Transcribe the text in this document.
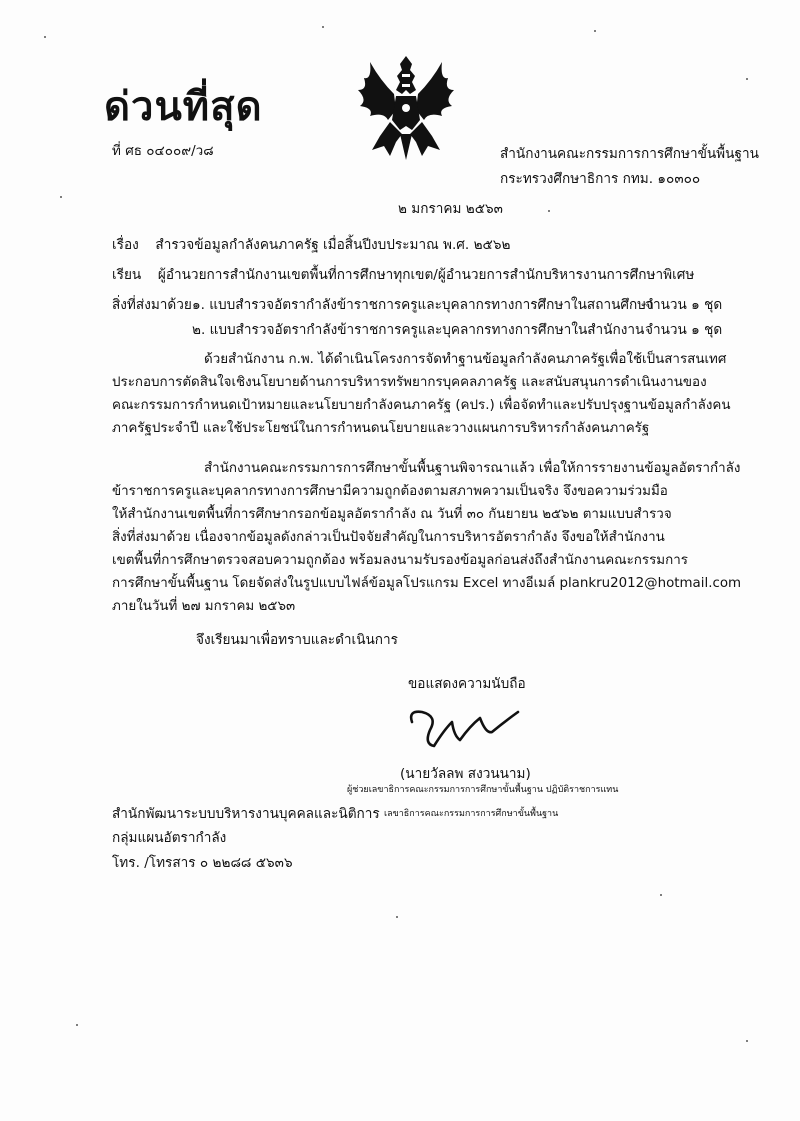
ด่วนที่สุด
ที่ ศธ ๐๔๐๐๙/ว๘	สำนักงานคณะกรรมการการศึกษาขั้นพื้นฐาน
กระทรวงศึกษาธิการ กทม. ๑๐๓๐๐
๒ มกราคม ๒๕๖๓
เรื่อง สำรวจข้อมูลกำลังคนภาครัฐ เมื่อสิ้นปีงบประมาณ พ.ศ. ๒๕๖๒
เรียน ผู้อำนวยการสำนักงานเขตพื้นที่การศึกษาทุกเขต/ผู้อำนวยการสำนักบริหารงานการศึกษาพิเศษ
สิ่งที่ส่งมาด้วย ๑. แบบสำรวจอัตรากำลังข้าราชการครูและบุคลากรทางการศึกษาในสถานศึกษา
จำนวน ๑ ชุด
๒. แบบสำรวจอัตรากำลังข้าราชการครูและบุคลากรทางการศึกษาในสำนักงาน จำนวน ๑ ชุด
ด้วยสำนักงาน ก.พ. ได้ดำเนินโครงการจัดทำฐานข้อมูลกำลังคนภาครัฐเพื่อใช้เป็นสารสนเทศ
ประกอบการตัดสินใจเชิงนโยบายด้านการบริหารทรัพยากรบุคคลภาครัฐ และสนับสนุนการดำเนินงานของ
คณะกรรมการกำหนดเป้าหมายและนโยบายกำลังคนภาครัฐ (คปร.) เพื่อจัดทำและปรับปรุงฐานข้อมูลกำลังคน
ภาครัฐประจำปี และใช้ประโยชน์ในการกำหนดนโยบายและวางแผนการบริหารกำลังคนภาครัฐ
สำนักงานคณะกรรมการการศึกษาขั้นพื้นฐานพิจารณาแล้ว เพื่อให้การรายงานข้อมูลอัตรากำลัง
ข้าราชการครูและบุคลากรทางการศึกษามีความถูกต้องตามสภาพความเป็นจริง จึงขอความร่วมมือ
ให้สำนักงานเขตพื้นที่การศึกษากรอกข้อมูลอัตรากำลัง ณ วันที่ ๓๐ กันยายน ๒๕๖๒ ตามแบบสำรวจ
สิ่งที่ส่งมาด้วย เนื่องจากข้อมูลดังกล่าวเป็นปัจจัยสำคัญในการบริหารอัตรากำลัง จึงขอให้สำนักงาน
เขตพื้นที่การศึกษาตรวจสอบความถูกต้อง พร้อมลงนามรับรองข้อมูลก่อนส่งถึงสำนักงานคณะกรรมการ
การศึกษาขั้นพื้นฐาน โดยจัดส่งในรูปแบบไฟล์ข้อมูลโปรแกรม Excel ทางอีเมล์ plankru2012@hotmail.com
ภายในวันที่ ๒๗ มกราคม ๒๕๖๓
จึงเรียนมาเพื่อทราบและดำเนินการ
ขอแสดงความนับถือ
(นายวัลลพ สงวนนาม)
ผู้ช่วยเลขาธิการคณะกรรมการการศึกษาขั้นพื้นฐาน ปฏิบัติราชการแทน
เลขาธิการคณะกรรมการการศึกษาขั้นพื้นฐาน
สำนักพัฒนาระบบบริหารงานบุคคลและนิติการ
กลุ่มแผนอัตรากำลัง
โทร. /โทรสาร ๐ ๒๒๘๘ ๕๖๓๖
